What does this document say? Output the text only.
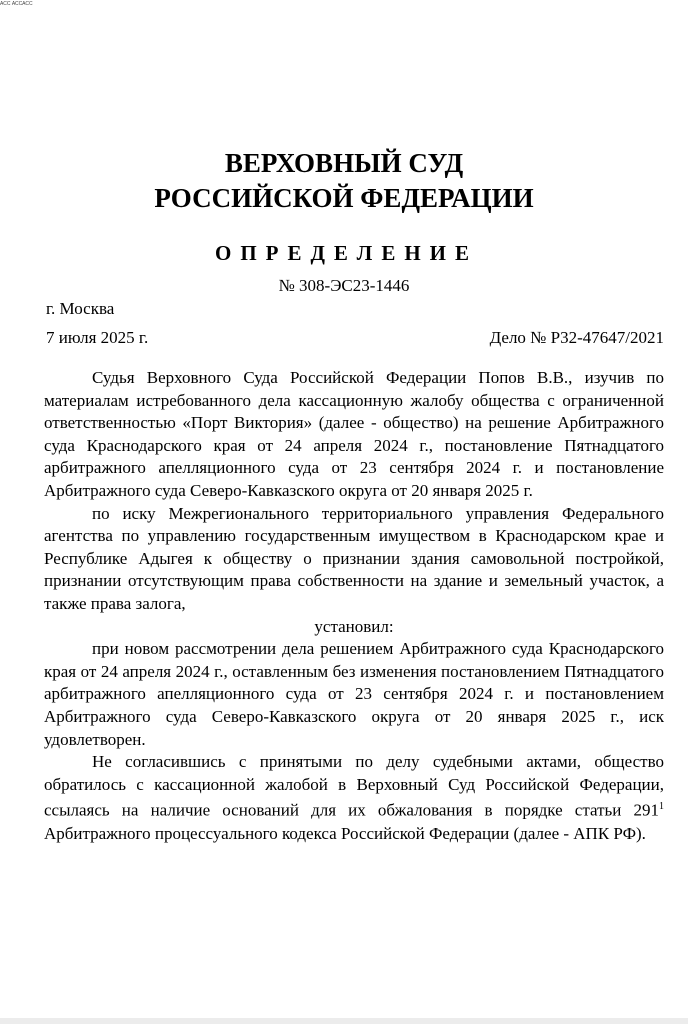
АСС АССАСС
ВЕРХОВНЫЙ СУД
РОССИЙСКОЙ ФЕДЕРАЦИИ
ОПРЕДЕЛЕНИЕ
№ 308-ЭС23-1446
г. Москва
7 июля 2025 г.	Дело № Р32-47647/2021

Судья Верховного Суда Российской Федерации Попов В.В., изучив по материалам истребованного дела кассационную жалобу общества с ограниченной ответственностью «Порт Виктория» (далее - общество) на решение Арбитражного суда Краснодарского края от 24 апреля 2024 г., постановление Пятнадцатого арбитражного апелляционного суда от 23 сентября 2024 г. и постановление Арбитражного суда Северо-Кавказского округа от 20 января 2025 г.

по иску Межрегионального территориального управления Федерального агентства по управлению государственным имуществом в Краснодарском крае и Республике Адыгея к обществу о признании здания самовольной постройкой, признании отсутствующим права собственности на здание и земельный участок, а также права залога,

установил:

при новом рассмотрении дела решением Арбитражного суда Краснодарского края от 24 апреля 2024 г., оставленным без изменения постановлением Пятнадцатого арбитражного апелляционного суда от 23 сентября 2024 г. и постановлением Арбитражного суда Северо-Кавказского округа от 20 января 2025 г., иск удовлетворен.

Не согласившись с принятыми по делу судебными актами, общество обратилось с кассационной жалобой в Верховный Суд Российской Федерации, ссылаясь на наличие оснований для их обжалования в порядке статьи $291^1$ Арбитражного процессуального кодекса Российской Федерации (далее - АПК РФ).
